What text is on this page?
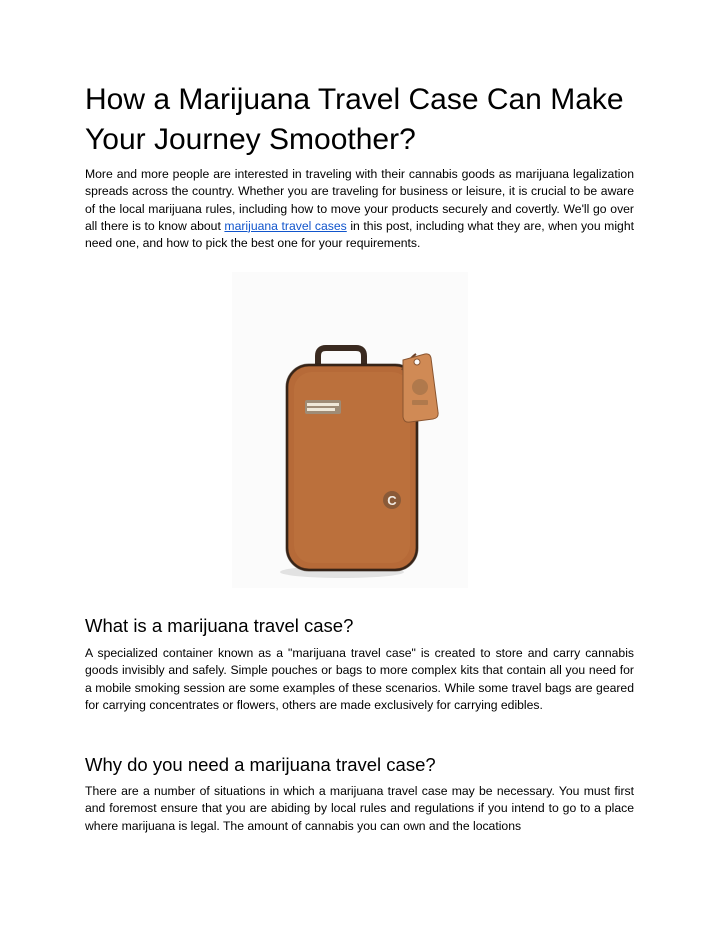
How a Marijuana Travel Case Can Make Your Journey Smoother?

More and more people are interested in traveling with their cannabis goods as marijuana legalization spreads across the country. Whether you are traveling for business or leisure, it is crucial to be aware of the local marijuana rules, including how to move your products securely and covertly. We'll go over all there is to know about marijuana travel cases in this post, including what they are, when you might need one, and how to pick the best one for your requirements.

What is a marijuana travel case?

A specialized container known as a "marijuana travel case" is created to store and carry cannabis goods invisibly and safely. Simple pouches or bags to more complex kits that contain all you need for a mobile smoking session are some examples of these scenarios. While some travel bags are geared for carrying concentrates or flowers, others are made exclusively for carrying edibles.

Why do you need a marijuana travel case?

There are a number of situations in which a marijuana travel case may be necessary. You must first and foremost ensure that you are abiding by local rules and regulations if you intend to go to a place where marijuana is legal. The amount of cannabis you can own and the locations

C
